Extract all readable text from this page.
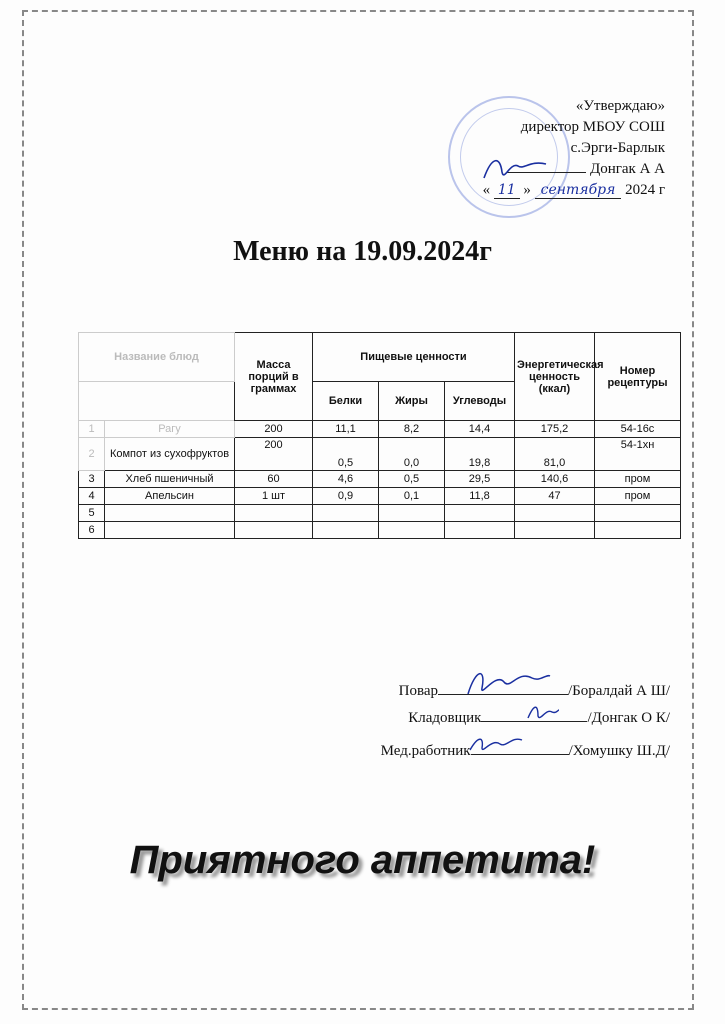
«Утверждаю»
директор МБОУ СОШ
с.Эрги-Барлык
Донгак А А
« 11 » сентября 2024 г
Меню на 19.09.2024г
Название блюд		Масса порций в граммах	Пищевые ценности			Энергетическая ценность (ккал)	Номер рецептуры
			Белки	Жиры	Углеводы		
1	Рагу	200	11,1	8,2	14,4	175,2	54-16с
2	Компот из сухофруктов	200	0,5	0,0	19,8	81,0	54-1хн
3	Хлеб пшеничный	60	4,6	0,5	29,5	140,6	пром
4	Апельсин	1 шт	0,9	0,1	11,8	47	пром
5							
6							
Повар	/Боралдай А Ш/
Кладовщик	/Донгак О К/
Мед.работник	/Хомушку Ш.Д/
Приятного аппетита!
